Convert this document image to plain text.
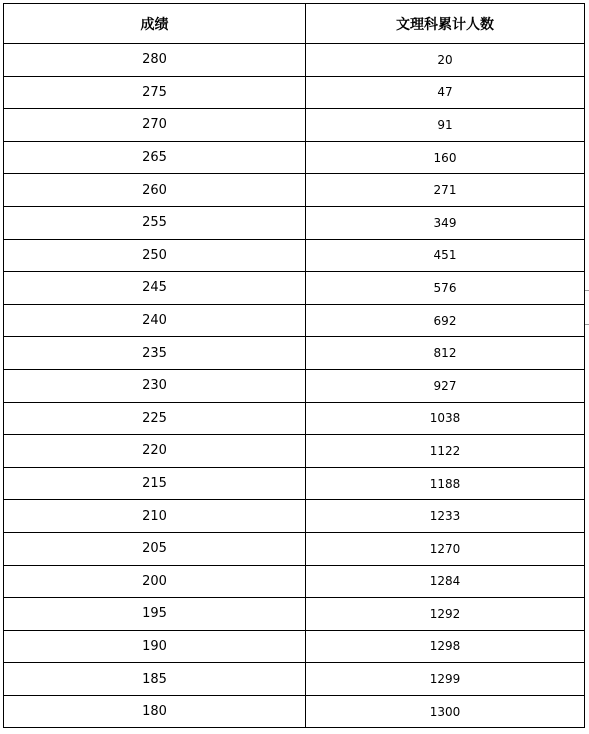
成绩	文理科累计人数
280	20
275	47
270	91
265	160
260	271
255	349
250	451
245	576
240	692
235	812
230	927
225	1038
220	1122
215	1188
210	1233
205	1270
200	1284
195	1292
190	1298
185	1299
180	1300
